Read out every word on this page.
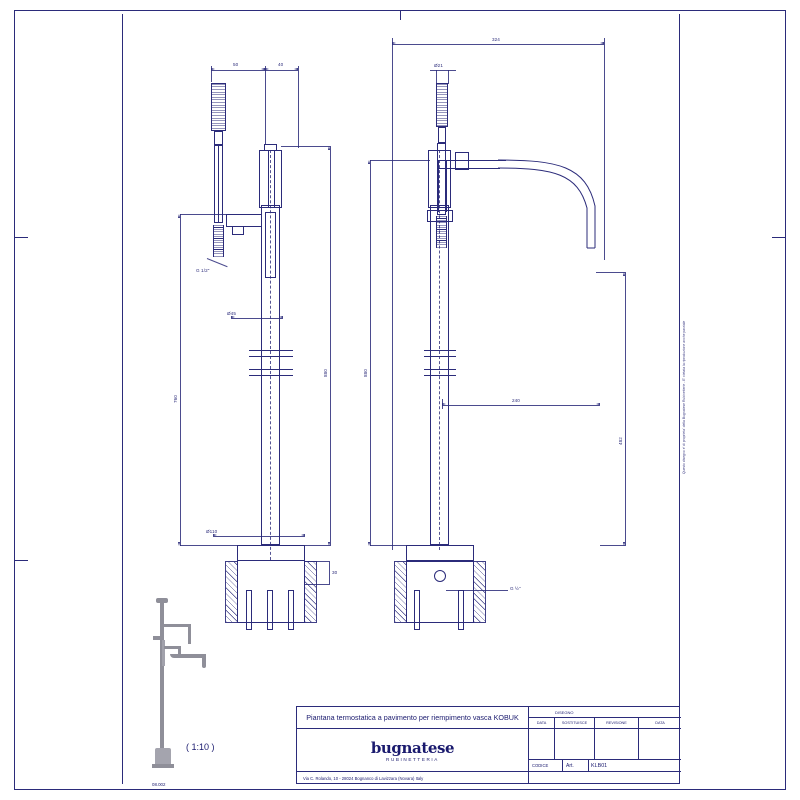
50	40
G 1/2"
Ø45
Ø110
760
880
30
324
Ø21
880
240
482
G ½"
( 1:10 )
Questo disegno e' di proprieta' della Bugnatese Rubinetterie - E' vietata la riproduzione anche parziale
Piantana termostatica a pavimento per riempimento vasca KOBUK
DISEGNO
DATA	SOSTITUISCE	REVISIONE	DATA
bugnatese
RUBINETTERIA
CODICE	Art.	KLB01
Via C. Rolando, 10 - 28024 Bognanco di Lavizzara (Novara) Italy
08.002
